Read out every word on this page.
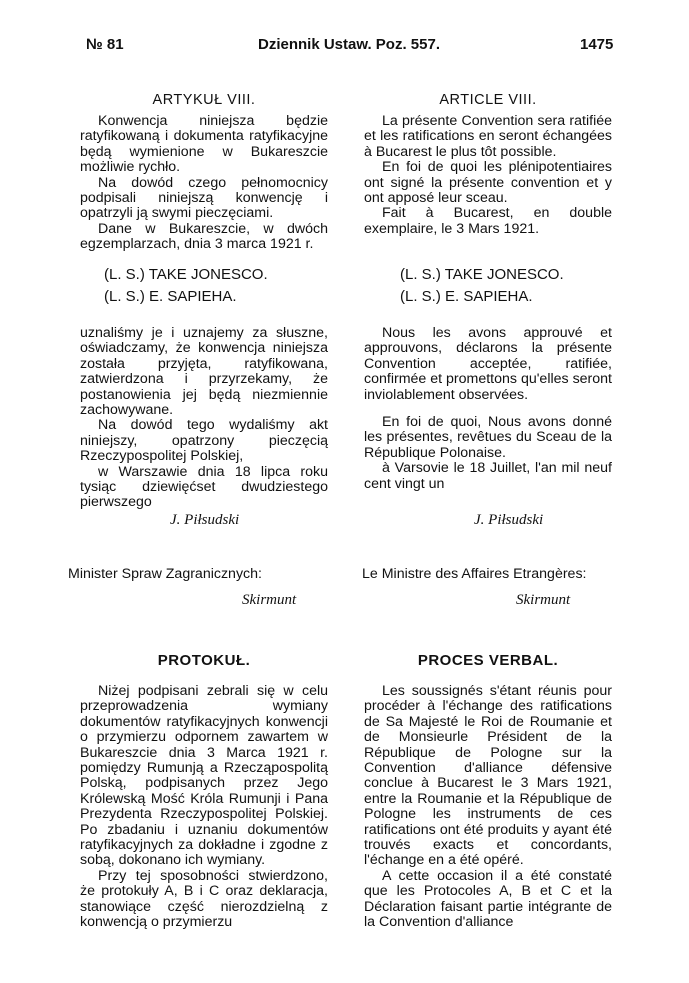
№ 81	Dziennik Ustaw. Poz. 557.	1475
ARTYKUŁ VIII.

Konwencja niniejsza będzie ratyfikowaną i dokumenta ratyfikacyjne będą wymienione w Bukareszcie możliwie rychło.

Na dowód czego pełnomocnicy podpisali niniejszą konwencję i opatrzyli ją swymi pieczęciami.

Dane w Bukareszcie, w dwóch egzemplarzach, dnia 3 marca 1921 r.

(L. S.) TAKE JONESCO.
(L. S.) E. SAPIEHA.

uznaliśmy je i uznajemy za słuszne, oświadczamy, że konwencja niniejsza została przyjęta, ratyfikowana, zatwierdzona i przyrzekamy, że postanowienia jej będą niezmiennie zachowywane.

Na dowód tego wydaliśmy akt niniejszy, opatrzony pieczęcią Rzeczypospolitej Polskiej,

w Warszawie dnia 18 lipca roku tysiąc dziewięćset dwudziestego pierwszego

J. Piłsudski
Minister Spraw Zagranicznych:
Skirmunt
PROTOKUŁ.

Niżej podpisani zebrali się w celu przeprowadzenia wymiany dokumentów ratyfikacyjnych konwencji o przymierzu odpornem zawartem w Bukareszcie dnia 3 Marca 1921 r. pomiędzy Rumunją a Rzecząpospolitą Polską, podpisanych przez Jego Królewską Mość Króla Rumunji i Pana Prezydenta Rzeczypospolitej Polskiej. Po zbadaniu i uznaniu dokumentów ratyfikacyjnych za dokładne i zgodne z sobą, dokonano ich wymiany.

Przy tej sposobności stwierdzono, że protokuły A, B i C oraz deklaracja, stanowiące część nierozdzielną z konwencją o przymierzu

ARTICLE VIII.

La présente Convention sera ratifiée et les ratifications en seront échangées à Bucarest le plus tôt possible.

En foi de quoi les plénipotentiaires ont signé la présente convention et y ont apposé leur sceau.

Fait à Bucarest, en double exemplaire, le 3 Mars 1921.

(L. S.) TAKE JONESCO.
(L. S.) E. SAPIEHA.

Nous les avons approuvé et approuvons, déclarons la présente Convention acceptée, ratifiée, confirmée et promettons qu'elles seront inviolablement observées.

En foi de quoi, Nous avons donné les présentes, revêtues du Sceau de la République Polonaise.

à Varsovie le 18 Juillet, l'an mil neuf cent vingt un

J. Piłsudski
Le Ministre des Affaires Etrangères:
Skirmunt
PROCES VERBAL.

Les soussignés s'étant réunis pour procéder à l'échange des ratifications de Sa Majesté le Roi de Roumanie et de Monsieurle Président de la République de Pologne sur la Convention d'alliance défensive conclue à Bucarest le 3 Mars 1921, entre la Roumanie et la République de Pologne les instruments de ces ratifications ont été produits y ayant été trouvés exacts et concordants, l'échange en a été opéré.

A cette occasion il a été constaté que les Protocoles A, B et C et la Déclaration faisant partie intégrante de la Convention d'alliance
